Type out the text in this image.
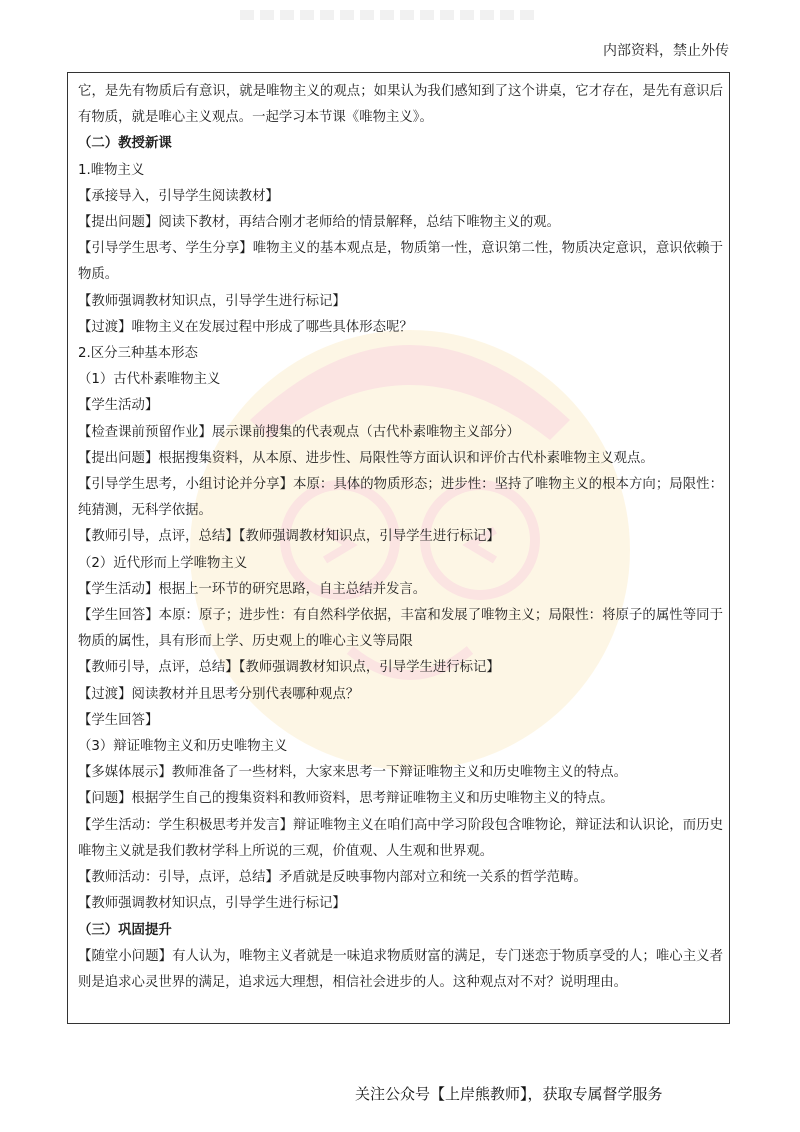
内部资料，禁止外传

它，是先有物质后有意识，就是唯物主义的观点；如果认为我们感知到了这个讲桌，它才存在，是先有意识后有物质，就是唯心主义观点。一起学习本节课《唯物主义》。

（二）教授新课

1.唯物主义

【承接导入，引导学生阅读教材】

【提出问题】阅读下教材，再结合刚才老师给的情景解释，总结下唯物主义的观。

【引导学生思考、学生分享】唯物主义的基本观点是，物质第一性，意识第二性，物质决定意识，意识依赖于物质。

【教师强调教材知识点，引导学生进行标记】

【过渡】唯物主义在发展过程中形成了哪些具体形态呢？

2.区分三种基本形态

（1）古代朴素唯物主义

【学生活动】

【检查课前预留作业】展示课前搜集的代表观点（古代朴素唯物主义部分）

【提出问题】根据搜集资料，从本原、进步性、局限性等方面认识和评价古代朴素唯物主义观点。

【引导学生思考，小组讨论并分享】本原：具体的物质形态；进步性：坚持了唯物主义的根本方向；局限性：纯猜测，无科学依据。

【教师引导，点评，总结】【教师强调教材知识点，引导学生进行标记】

（2）近代形而上学唯物主义

【学生活动】根据上一环节的研究思路，自主总结并发言。

【学生回答】本原：原子；进步性：有自然科学依据，丰富和发展了唯物主义；局限性：将原子的属性等同于物质的属性，具有形而上学、历史观上的唯心主义等局限

【教师引导，点评，总结】【教师强调教材知识点，引导学生进行标记】

【过渡】阅读教材并且思考分别代表哪种观点？

【学生回答】

（3）辩证唯物主义和历史唯物主义

【多媒体展示】教师准备了一些材料，大家来思考一下辩证唯物主义和历史唯物主义的特点。

【问题】根据学生自己的搜集资料和教师资料，思考辩证唯物主义和历史唯物主义的特点。

【学生活动：学生积极思考并发言】辩证唯物主义在咱们高中学习阶段包含唯物论，辩证法和认识论，而历史唯物主义就是我们教材学科上所说的三观，价值观、人生观和世界观。

【教师活动：引导，点评，总结】矛盾就是反映事物内部对立和统一关系的哲学范畴。

【教师强调教材知识点，引导学生进行标记】

（三）巩固提升

【随堂小问题】有人认为，唯物主义者就是一味追求物质财富的满足，专门迷恋于物质享受的人；唯心主义者则是追求心灵世界的满足，追求远大理想，相信社会进步的人。这种观点对不对？说明理由。

关注公众号【上岸熊教师】，获取专属督学服务
